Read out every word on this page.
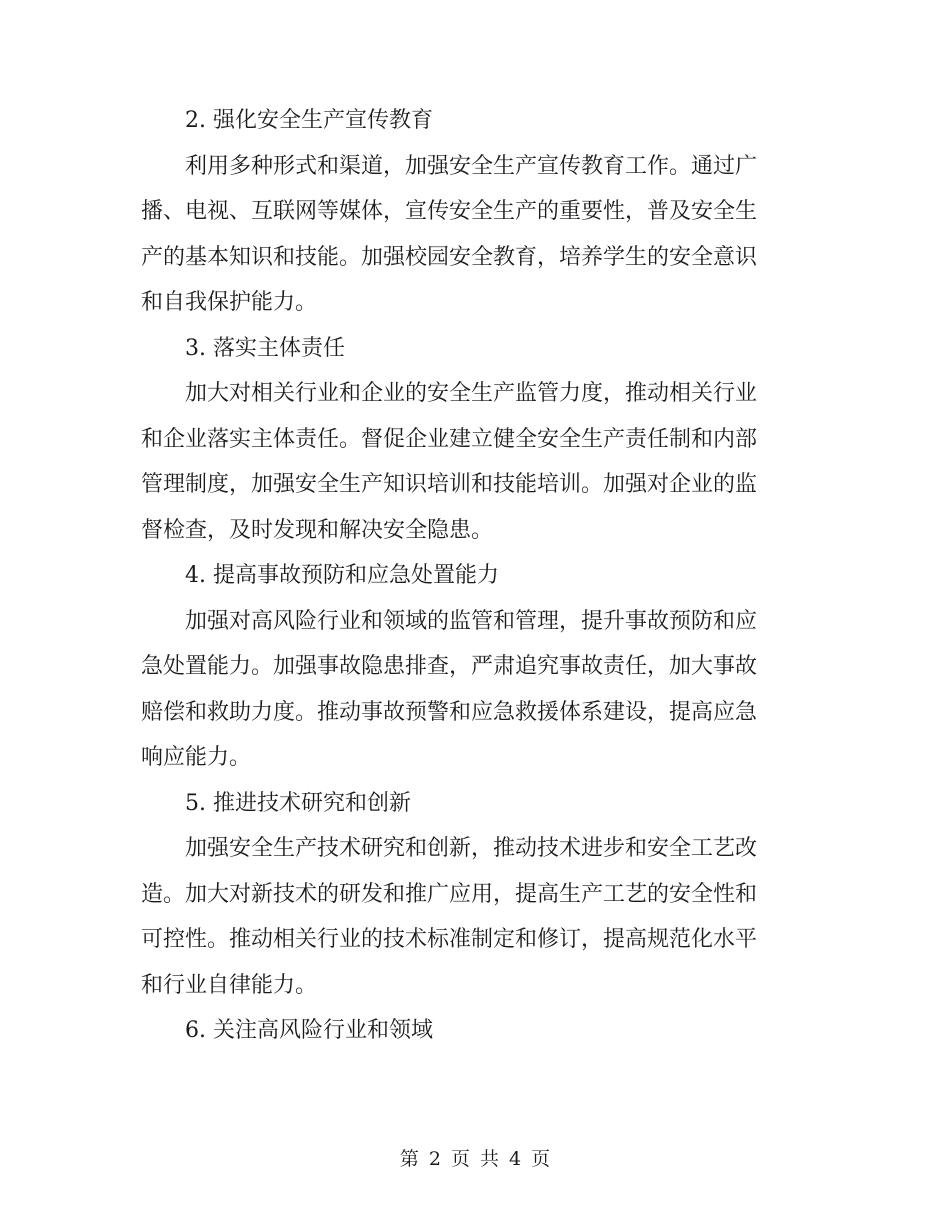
2. 强化安全生产宣传教育

利用多种形式和渠道，加强安全生产宣传教育工作。通过广

播、电视、互联网等媒体，宣传安全生产的重要性，普及安全生

产的基本知识和技能。加强校园安全教育，培养学生的安全意识

和自我保护能力。

3. 落实主体责任

加大对相关行业和企业的安全生产监管力度，推动相关行业

和企业落实主体责任。督促企业建立健全安全生产责任制和内部

管理制度，加强安全生产知识培训和技能培训。加强对企业的监

督检查，及时发现和解决安全隐患。

4. 提高事故预防和应急处置能力

加强对高风险行业和领域的监管和管理，提升事故预防和应

急处置能力。加强事故隐患排查，严肃追究事故责任，加大事故

赔偿和救助力度。推动事故预警和应急救援体系建设，提高应急

响应能力。

5. 推进技术研究和创新

加强安全生产技术研究和创新，推动技术进步和安全工艺改

造。加大对新技术的研发和推广应用，提高生产工艺的安全性和

可控性。推动相关行业的技术标准制定和修订，提高规范化水平

和行业自律能力。

6. 关注高风险行业和领域

第 2 页 共 4 页
